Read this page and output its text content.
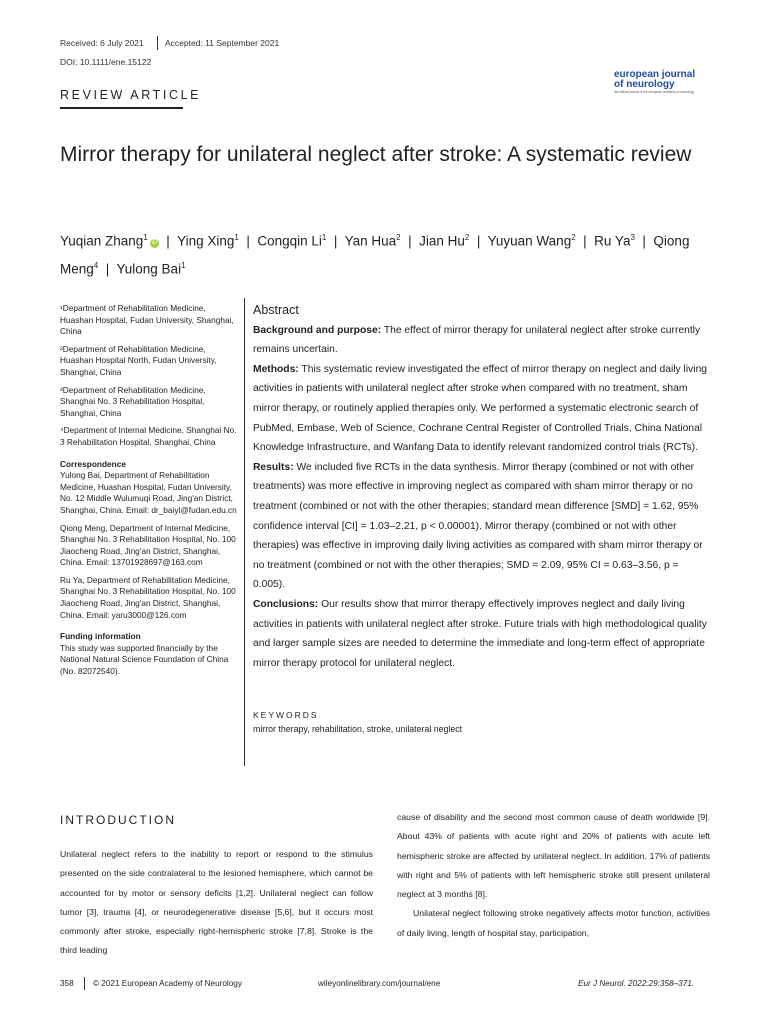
Received: 6 July 2021	Accepted: 11 September 2021
DOI: 10.1111/ene.15122
european journal
of neurology
the official journal of the european academy of neurology
REVIEW ARTICLE
Mirror therapy for unilateral neglect after stroke: A systematic review
Yuqian Zhang$^1$iD  |  Ying Xing$^1$  |  Congqin Li$^1$  |  Yan Hua$^2$  |  Jian Hu$^2$  |  Yuyuan Wang$^2$  |  Ru Ya$^3$  |  Qiong Meng$^4$  |  Yulong Bai$^1$

¹Department of Rehabilitation Medicine, Huashan Hospital, Fudan University, Shanghai, China

²Department of Rehabilitation Medicine, Huashan Hospital North, Fudan University, Shanghai, China

³Department of Rehabilitation Medicine, Shanghai No. 3 Rehabilitation Hospital, Shanghai, China

⁴Department of Internal Medicine, Shanghai No. 3 Rehabilitation Hospital, Shanghai, China

Correspondence

Yulong Bai, Department of Rehabilitation Medicine, Huashan Hospital, Fudan University, No. 12 Middle Wulumuqi Road, Jing'an District, Shanghai, China. Email: dr_baiyl@fudan.edu.cn

Qiong Meng, Department of Internal Medicine, Shanghai No. 3 Rehabilitation Hospital, No. 100 Jiaocheng Road, Jing'an District, Shanghai, China. Email: 13701928697@163.com

Ru Ya, Department of Rehabilitation Medicine, Shanghai No. 3 Rehabilitation Hospital, No. 100 Jiaocheng Road, Jing'an District, Shanghai, China. Email: yaru3000@126.com

Funding information
This study was supported financially by the National Natural Science Foundation of China (No. 82072540).
Abstract

Background and purpose: The effect of mirror therapy for unilateral neglect after stroke currently remains uncertain.

Methods: This systematic review investigated the effect of mirror therapy on neglect and daily living activities in patients with unilateral neglect after stroke when compared with no treatment, sham mirror therapy, or routinely applied therapies only. We performed a systematic electronic search of PubMed, Embase, Web of Science, Cochrane Central Register of Controlled Trials, China National Knowledge Infrastructure, and Wanfang Data to identify relevant randomized control trials (RCTs).

Results: We included five RCTs in the data synthesis. Mirror therapy (combined or not with other treatments) was more effective in improving neglect as compared with sham mirror therapy or no treatment (combined or not with the other therapies; standard mean difference [SMD] = 1.62, 95% confidence interval [CI] = 1.03–2.21, p < 0.00001). Mirror therapy (combined or not with other therapies) was effective in improving daily living activities as compared with sham mirror therapy or no treatment (combined or not with the other therapies; SMD = 2.09, 95% CI = 0.63–3.56, p = 0.005).

Conclusions: Our results show that mirror therapy effectively improves neglect and daily living activities in patients with unilateral neglect after stroke. Future trials with high methodological quality and larger sample sizes are needed to determine the immediate and long-term effect of appropriate mirror therapy protocol for unilateral neglect.

KEYWORDS
mirror therapy, rehabilitation, stroke, unilateral neglect
INTRODUCTION
Unilateral neglect refers to the inability to report or respond to the stimulus presented on the side contralateral to the lesioned hemisphere, which cannot be accounted for by motor or sensory deficits [1,2]. Unilateral neglect can follow tumor [3], trauma [4], or neurodegenerative disease [5,6], but it occurs most commonly after stroke, especially right-hemispheric stroke [7,8]. Stroke is the third leading

cause of disability and the second most common cause of death worldwide [9]. About 43% of patients with acute right and 20% of patients with acute left hemispheric stroke are affected by unilateral neglect. In addition, 17% of patients with right and 5% of patients with left hemispheric stroke still present unilateral neglect at 3 months [8].

Unilateral neglect following stroke negatively affects motor function, activities of daily living, length of hospital stay, participation,

358 © 2021 European Academy of Neurology	wileyonlinelibrary.com/journal/ene	Eur J Neurol. 2022;29:358–371.
